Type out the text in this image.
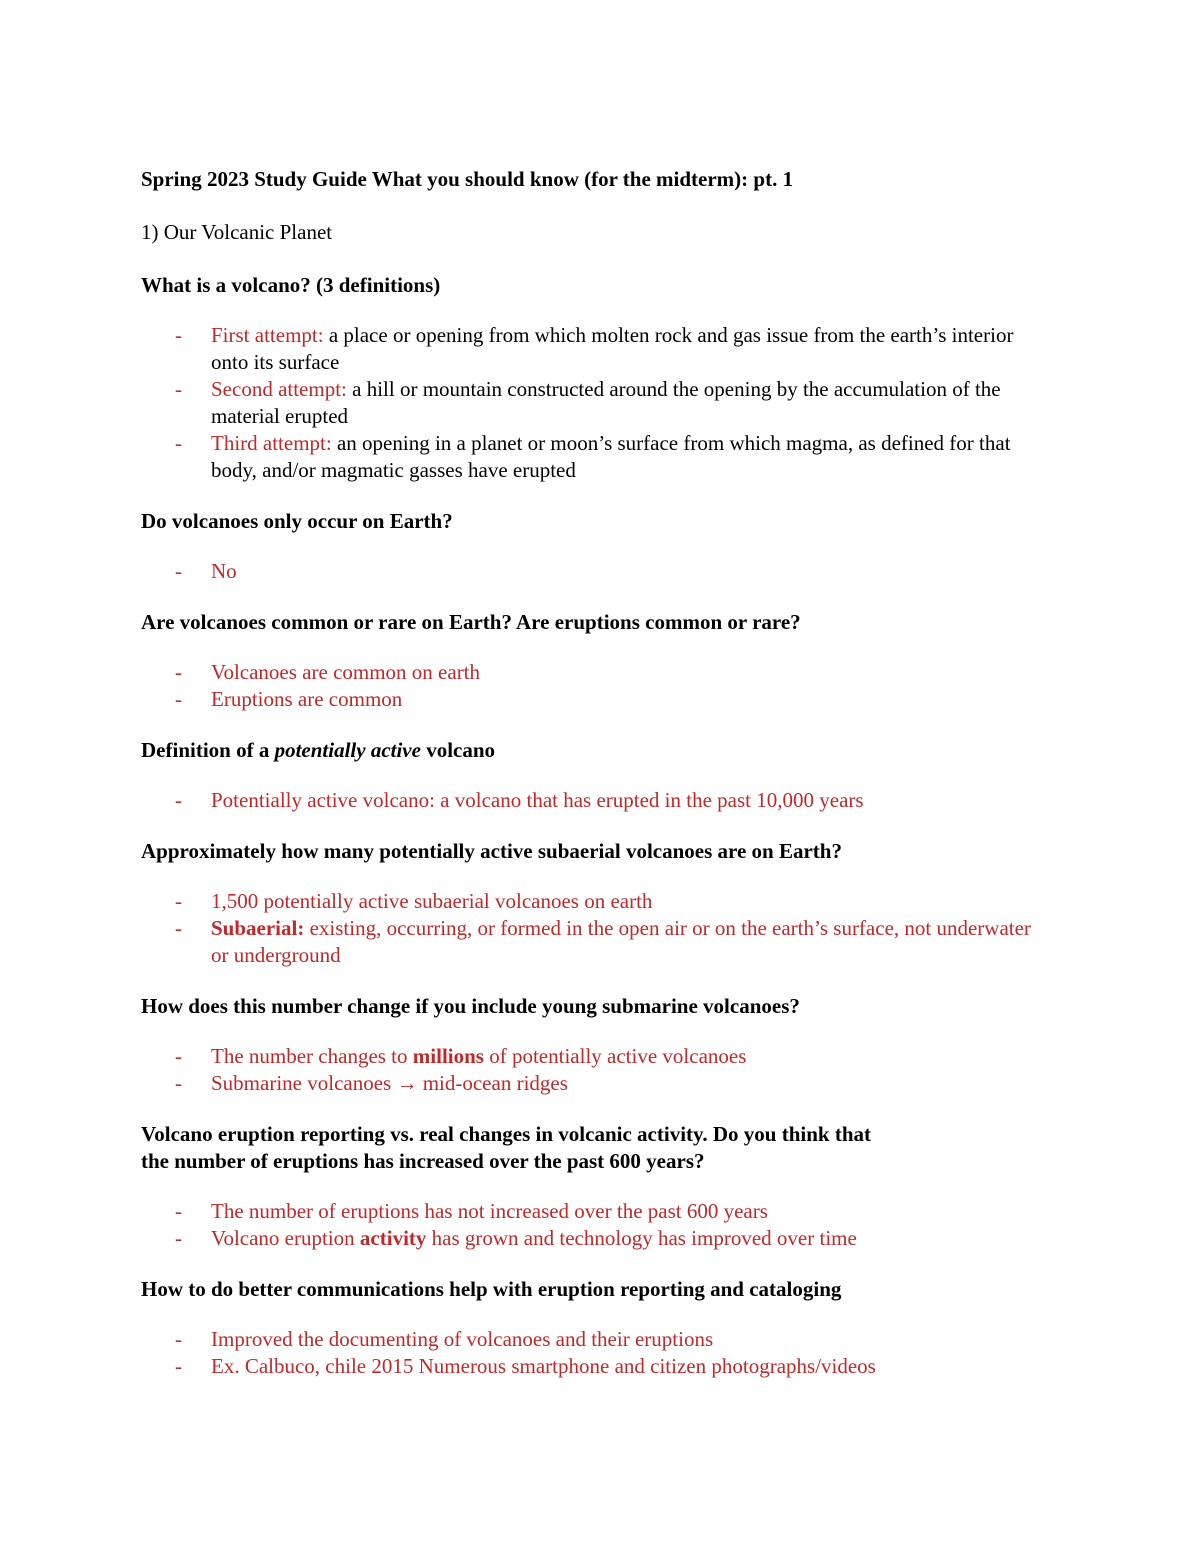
Spring 2023 Study Guide What you should know (for the midterm): pt. 1

1) Our Volcanic Planet

What is a volcano? (3 definitions)

- First attempt: a place or opening from which molten rock and gas issue from the earth’s interior onto its surface
- Second attempt: a hill or mountain constructed around the opening by the accumulation of the material erupted
- Third attempt: an opening in a planet or moon’s surface from which magma, as defined for that body, and/or magmatic gasses have erupted

Do volcanoes only occur on Earth?

- No

Are volcanoes common or rare on Earth? Are eruptions common or rare?

- Volcanoes are common on earth
- Eruptions are common

Definition of a potentially active volcano

- Potentially active volcano: a volcano that has erupted in the past 10,000 years

Approximately how many potentially active subaerial volcanoes are on Earth?

- 1,500 potentially active subaerial volcanoes on earth
- Subaerial: existing, occurring, or formed in the open air or on the earth’s surface, not underwater or underground

How does this number change if you include young submarine volcanoes?

- The number changes to millions of potentially active volcanoes
- Submarine volcanoes → mid-ocean ridges

Volcano eruption reporting vs. real changes in volcanic activity. Do you think that
the number of eruptions has increased over the past 600 years?

- The number of eruptions has not increased over the past 600 years
- Volcano eruption activity has grown and technology has improved over time

How to do better communications help with eruption reporting and cataloging

- Improved the documenting of volcanoes and their eruptions
- Ex. Calbuco, chile 2015 Numerous smartphone and citizen photographs/videos
